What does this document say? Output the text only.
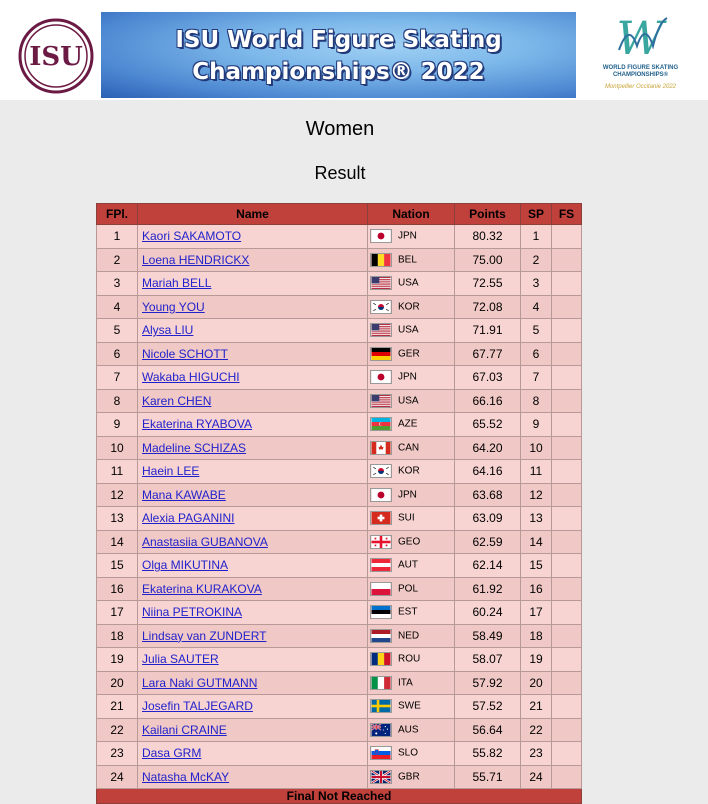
ISU
ISU World Figure Skating
Championships® 2022
W
WORLD FIGURE SKATING
CHAMPIONSHIPS®
Montpellier Occitanie 2022
Women
Result
FPl.	Name	Nation	Points	SP	FS
1	Kaori SAKAMOTO	JPN	80.32	1	
2	Loena HENDRICKX	BEL	75.00	2	
3	Mariah BELL	USA	72.55	3	
4	Young YOU	KOR	72.08	4	
5	Alysa LIU	USA	71.91	5	
6	Nicole SCHOTT	GER	67.77	6	
7	Wakaba HIGUCHI	JPN	67.03	7	
8	Karen CHEN	USA	66.16	8	
9	Ekaterina RYABOVA	AZE	65.52	9	
10	Madeline SCHIZAS	CAN	64.20	10	
11	Haein LEE	KOR	64.16	11	
12	Mana KAWABE	JPN	63.68	12	
13	Alexia PAGANINI	SUI	63.09	13	
14	Anastasiia GUBANOVA	GEO	62.59	14	
15	Olga MIKUTINA	AUT	62.14	15	
16	Ekaterina KURAKOVA	POL	61.92	16	
17	Niina PETROKINA	EST	60.24	17	
18	Lindsay van ZUNDERT	NED	58.49	18	
19	Julia SAUTER	ROU	58.07	19	
20	Lara Naki GUTMANN	ITA	57.92	20	
21	Josefin TALJEGARD	SWE	57.52	21	
22	Kailani CRAINE	AUS	56.64	22	
23	Dasa GRM	SLO	55.82	23	
24	Natasha McKAY	GBR	55.71	24	
Final Not Reached					
